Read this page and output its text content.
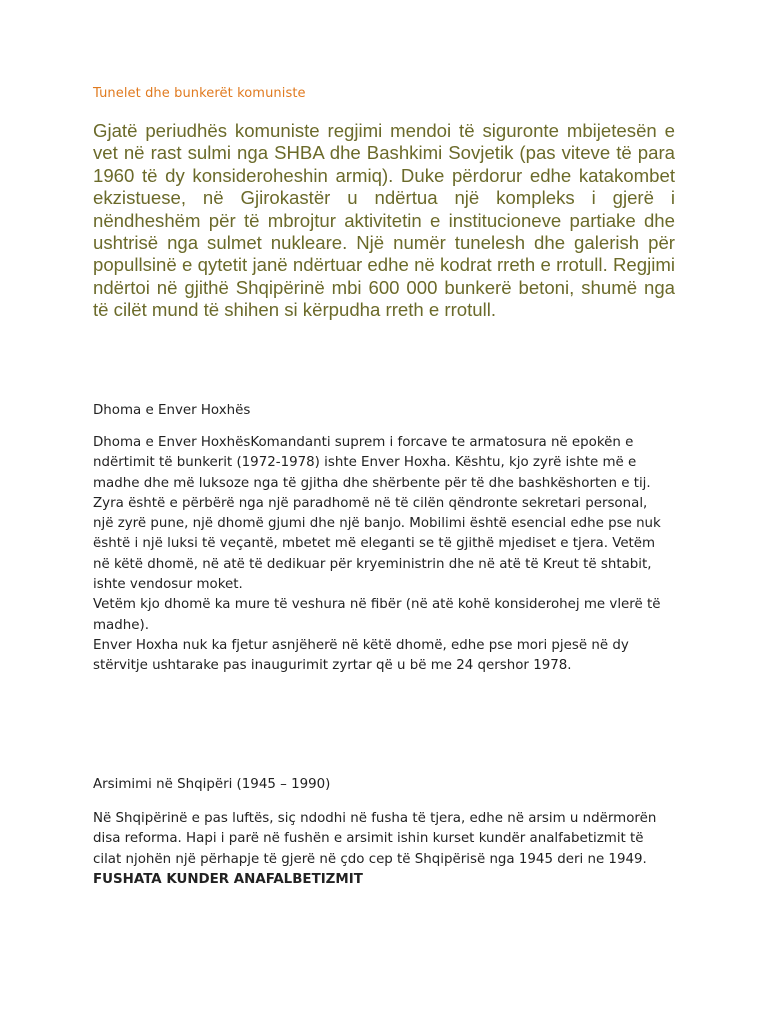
Tunelet dhe bunkerët komuniste

Gjatë periudhës komuniste regjimi mendoi të siguronte mbijetesën e vet në rast sulmi nga SHBA dhe Bashkimi Sovjetik (pas viteve të para 1960 të dy konsideroheshin armiq). Duke përdorur edhe katakombet ekzistuese, në Gjirokastër u ndërtua një kompleks i gjerë i nëndheshëm për të mbrojtur aktivitetin e institucioneve partiake dhe ushtrisë nga sulmet nukleare. Një numër tunelesh dhe galerish për popullsinë e qytetit janë ndërtuar edhe në kodrat rreth e rrotull. Regjimi ndërtoi në gjithë Shqipërinë mbi 600 000 bunkerë betoni, shumë nga të cilët mund të shihen si kërpudha rreth e rrotull.

Dhoma e Enver Hoxhës

Dhoma e Enver HoxhësKomandanti suprem i forcave te armatosura në epokën e ndërtimit të bunkerit (1972-1978) ishte Enver Hoxha. Kështu, kjo zyrë ishte më e madhe dhe më luksoze nga të gjitha dhe shërbente për të dhe bashkëshorten e tij. Zyra është e përbërë nga një paradhomë në të cilën qëndronte sekretari personal, një zyrë pune, një dhomë gjumi dhe një banjo. Mobilimi është esencial edhe pse nuk është i një luksi të veçantë, mbetet më eleganti se të gjithë mjediset e tjera. Vetëm në këtë dhomë, në atë të dedikuar për kryeministrin dhe në atë të Kreut të shtabit, ishte vendosur moket.
Vetëm kjo dhomë ka mure të veshura në fibër (në atë kohë konsiderohej me vlerë të madhe).
Enver Hoxha nuk ka fjetur asnjëherë në këtë dhomë, edhe pse mori pjesë në dy stërvitje ushtarake pas inaugurimit zyrtar që u bë me 24 qershor 1978.

Arsimimi në Shqipëri (1945 – 1990)

Në Shqipërinë e pas luftës, siç ndodhi në fusha të tjera, edhe në arsim u ndërmorën disa reforma. Hapi i parë në fushën e arsimit ishin kurset kundër analfabetizmit të cilat njohën një përhapje të gjerë në çdo cep të Shqipërisë nga 1945 deri ne 1949.
FUSHATA KUNDER ANAFALBETIZMIT
